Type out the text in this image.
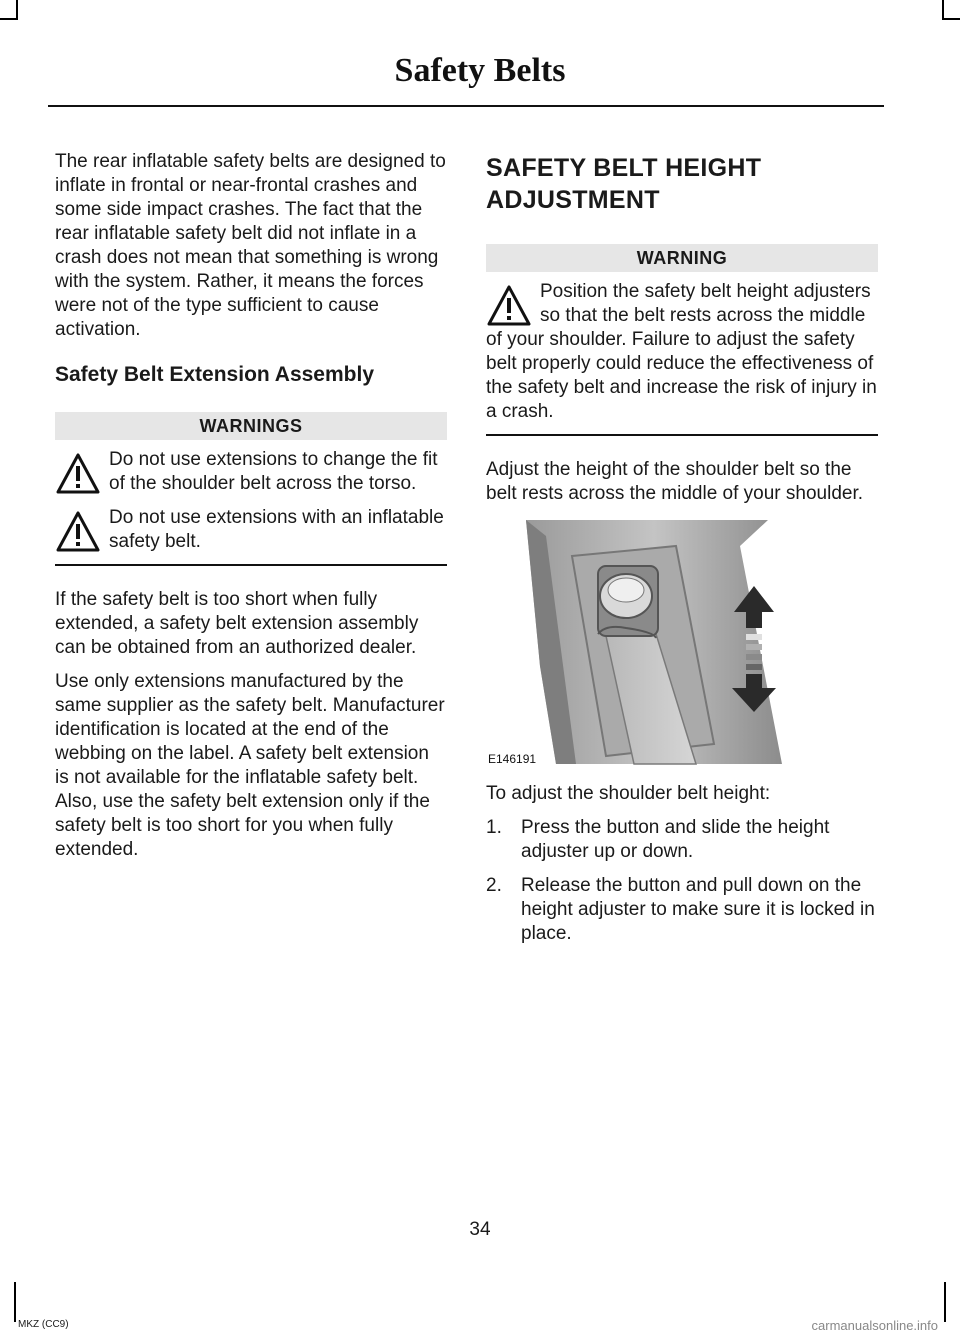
Safety Belts

The rear inflatable safety belts are designed to inflate in frontal or near-frontal crashes and some side impact crashes. The fact that the rear inflatable safety belt did not inflate in a crash does not mean that something is wrong with the system. Rather, it means the forces were not of the type sufficient to cause activation.

Safety Belt Extension Assembly
WARNINGS
Do not use extensions to change the fit of the shoulder belt across the torso.
Do not use extensions with an inflatable safety belt.

If the safety belt is too short when fully extended, a safety belt extension assembly can be obtained from an authorized dealer.

Use only extensions manufactured by the same supplier as the safety belt. Manufacturer identification is located at the end of the webbing on the label. A safety belt extension is not available for the inflatable safety belt. Also, use the safety belt extension only if the safety belt is too short for you when fully extended.

SAFETY BELT HEIGHT
ADJUSTMENT
WARNING
Position the safety belt height adjusters so that the belt rests across the middle of your shoulder. Failure to adjust the safety belt properly could reduce the effectiveness of the safety belt and increase the risk of injury in a crash.

Adjust the height of the shoulder belt so the belt rests across the middle of your shoulder.

E146191

To adjust the shoulder belt height:

1. Press the button and slide the height adjuster up or down.
2. Release the button and pull down on the height adjuster to make sure it is locked in place.

34

MKZ (CC9)	carmanualsonline.info
